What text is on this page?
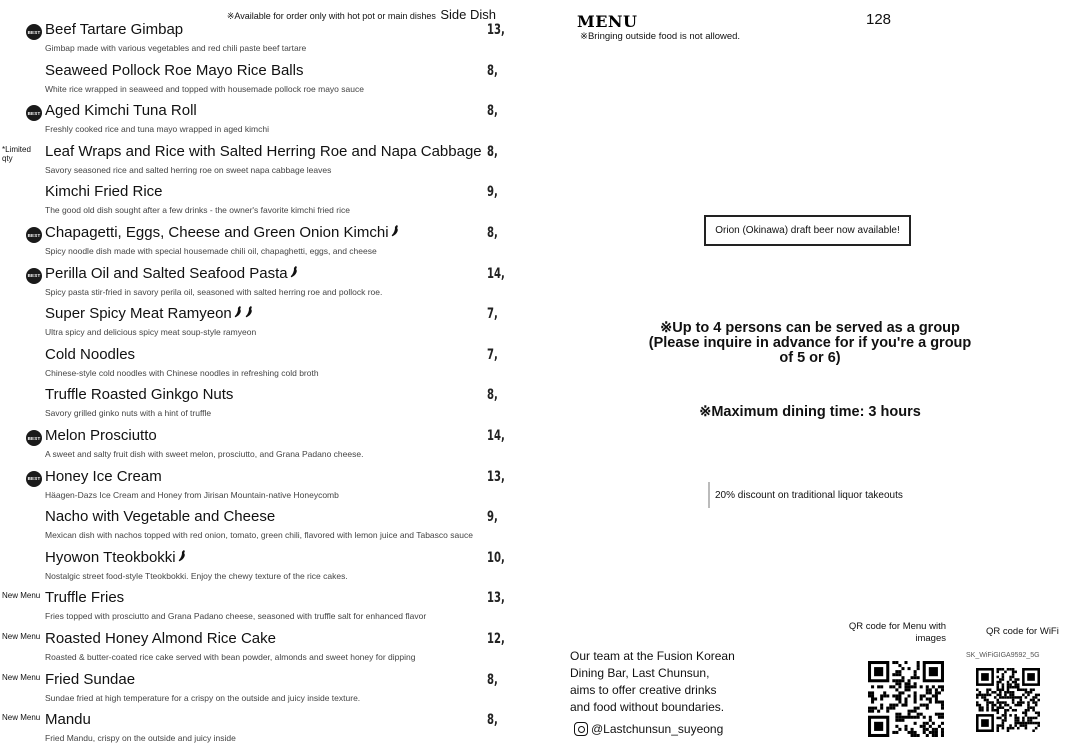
※Available for order only with hot pot or main dishes Side Dish
BEST Beef Tartare Gimbap
Gimbap made with various vegetables and red chili paste beef tartare
13,
Seaweed Pollock Roe Mayo Rice Balls
White rice wrapped in seaweed and topped with housemade pollock roe mayo sauce
8,
BEST Aged Kimchi Tuna Roll
Freshly cooked rice and tuna mayo wrapped in aged kimchi
8,
*Limited qty	Leaf Wraps and Rice with Salted Herring Roe and Napa Cabbage
Savory seasoned rice and salted herring roe on sweet napa cabbage leaves
8,
Kimchi Fried Rice
The good old dish sought after a few drinks - the owner's favorite kimchi fried rice
9,
BEST Chapagetti, Eggs, Cheese and Green Onion Kimchi
Spicy noodle dish made with special housemade chili oil, chapaghetti, eggs, and cheese
8,
BEST Perilla Oil and Salted Seafood Pasta
Spicy pasta stir-fried in savory perila oil, seasoned with salted herring roe and pollock roe.
14,
Super Spicy Meat Ramyeon
Ultra spicy and delicious spicy meat soup-style ramyeon
7,
Cold Noodles
Chinese-style cold noodles with Chinese noodles in refreshing cold broth
7,
Truffle Roasted Ginkgo Nuts
Savory grilled ginko nuts with a hint of truffle
8,
BEST Melon Prosciutto
A sweet and salty fruit dish with sweet melon, prosciutto, and Grana Padano cheese.
14,
BEST Honey Ice Cream
Häagen-Dazs Ice Cream and Honey from Jirisan Mountain-native Honeycomb
13,
Nacho with Vegetable and Cheese
Mexican dish with nachos topped with red onion, tomato, green chili, flavored with lemon juice and Tabasco sauce
9,
Hyowon Tteokbokki
Nostalgic street food-style Tteokbokki. Enjoy the chewy texture of the rice cakes.
10,
New Menu Truffle Fries
Fries topped with prosciutto and Grana Padano cheese, seasoned with truffle salt for enhanced flavor
13,
New Menu Roasted Honey Almond Rice Cake
Roasted & butter-coated rice cake served with bean powder, almonds and sweet honey for dipping
12,
New Menu Fried Sundae
Sundae fried at high temperature for a crispy on the outside and juicy inside texture.
8,
New Menu Mandu
Fried Mandu, crispy on the outside and juicy inside
8,
MENU
※Bringing outside food is not allowed.
128
Orion (Okinawa) draft beer now available!
※Up to 4 persons can be served as a group (Please inquire in advance for if you're a group of 5 or 6)
※Maximum dining time: 3 hours
20% discount on traditional liquor takeouts
Our team at the Fusion Korean
Dining Bar, Last Chunsun,
aims to offer creative drinks
and food without boundaries.
@Lastchunsun_suyeong
QR code for Menu with images
QR code for WiFi
SK_WiFiGIGA9592_5G
